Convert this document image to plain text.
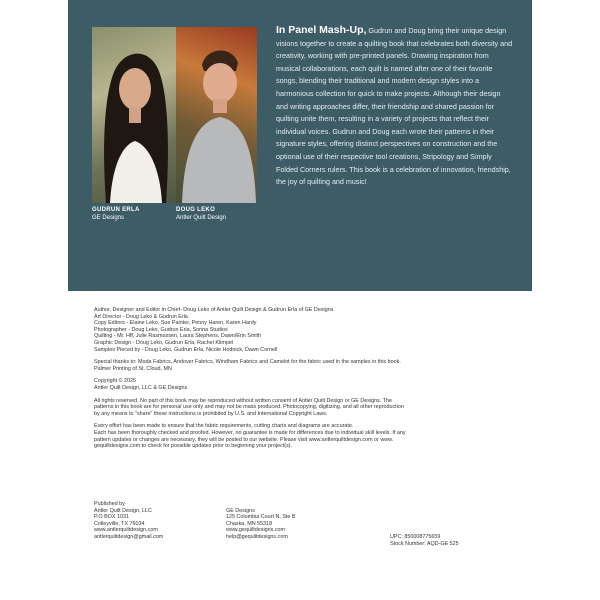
GUDRUN ERLA
GE Designs
DOUG LEKO
Antler Quilt Design
In Panel Mash-Up, Gudrun and Doug bring their unique design visions together to create a quilting book that celebrates both diversity and creativity, working with pre-printed panels. Drawing inspiration from musical collaborations, each quilt is named after one of their favorite songs, blending their traditional and modern design styles into a harmonious collection for quick to make projects. Although their design and writing approaches differ, their friendship and shared passion for quilting unite them, resulting in a variety of projects that reflect their individual voices. Gudrun and Doug each wrote their patterns in their signature styles, offering distinct perspectives on construction and the optional use of their respective tool creations, Stripology and Simply Folded Corners rulers. This book is a celebration of innovation, friendship, the joy of quilting and music!

Author, Designer and Editor in Chief- Doug Leko of Antler Quilt Design & Gudrun Erla of GE Designs

Art Director - Doug Leko & Gudrun Erla

Copy Editors - Elaine Leko, Sue Painter, Penny Haren, Karen Hardy

Photographer - Doug Leko, Gudrun Erla, Sonna Studios

Quilting - Mr. Hff, Julie Rasmussen, Laura Stephens, Dawn/Erin Smith

Graphic Design - Doug Leko, Gudrun Erla, Rachel Klimpel

Samples Pieced by - Doug Leko, Gudrun Erla, Nicole Hodnick, Dawn Cornell

Special thanks to: Moda Fabrics, Andover Fabrics, Windham Fabrics and Camelot for the fabric used in the samples in this book.

Palmer Printing of St. Cloud, MN

Copyright © 2025
Antler Quilt Design, LLC & GE Designs

All rights reserved. No part of this book may be reproduced without written consent of Antler Quilt Design or GE Designs. The

patterns in this book are for personal use only and may not be mass produced. Photocopying, digitizing, and all other reproduction

by any means to "share" these instructions is prohibited by U.S. and International Copyright Laws.

Every effort has been made to ensure that the fabric requirements, cutting charts and diagrams are accurate.

Each has been thoroughly checked and proofed. However, no guarantee is made for differences due to individual skill levels. If any

pattern updates or changes are necessary, they will be posted to our website. Please visit www.antlerquiltdesign.com or www.

gequiltdesigns.com to check for possible updates prior to beginning your project(s).

Published by

Antler Quilt Design, LLC

P.O BOX 1031

Colleyville, TX 76034

www.antlerquiltdesign.com

antlerquiltdesign@gmail.com

GE Designs

125 Columbia Court N, Ste B

Chaska, MN 55318

www.gequiltdesigns.com

help@gequiltdesigns.com	UPC: 850008775659

Stock Number: AQD-GE 525
